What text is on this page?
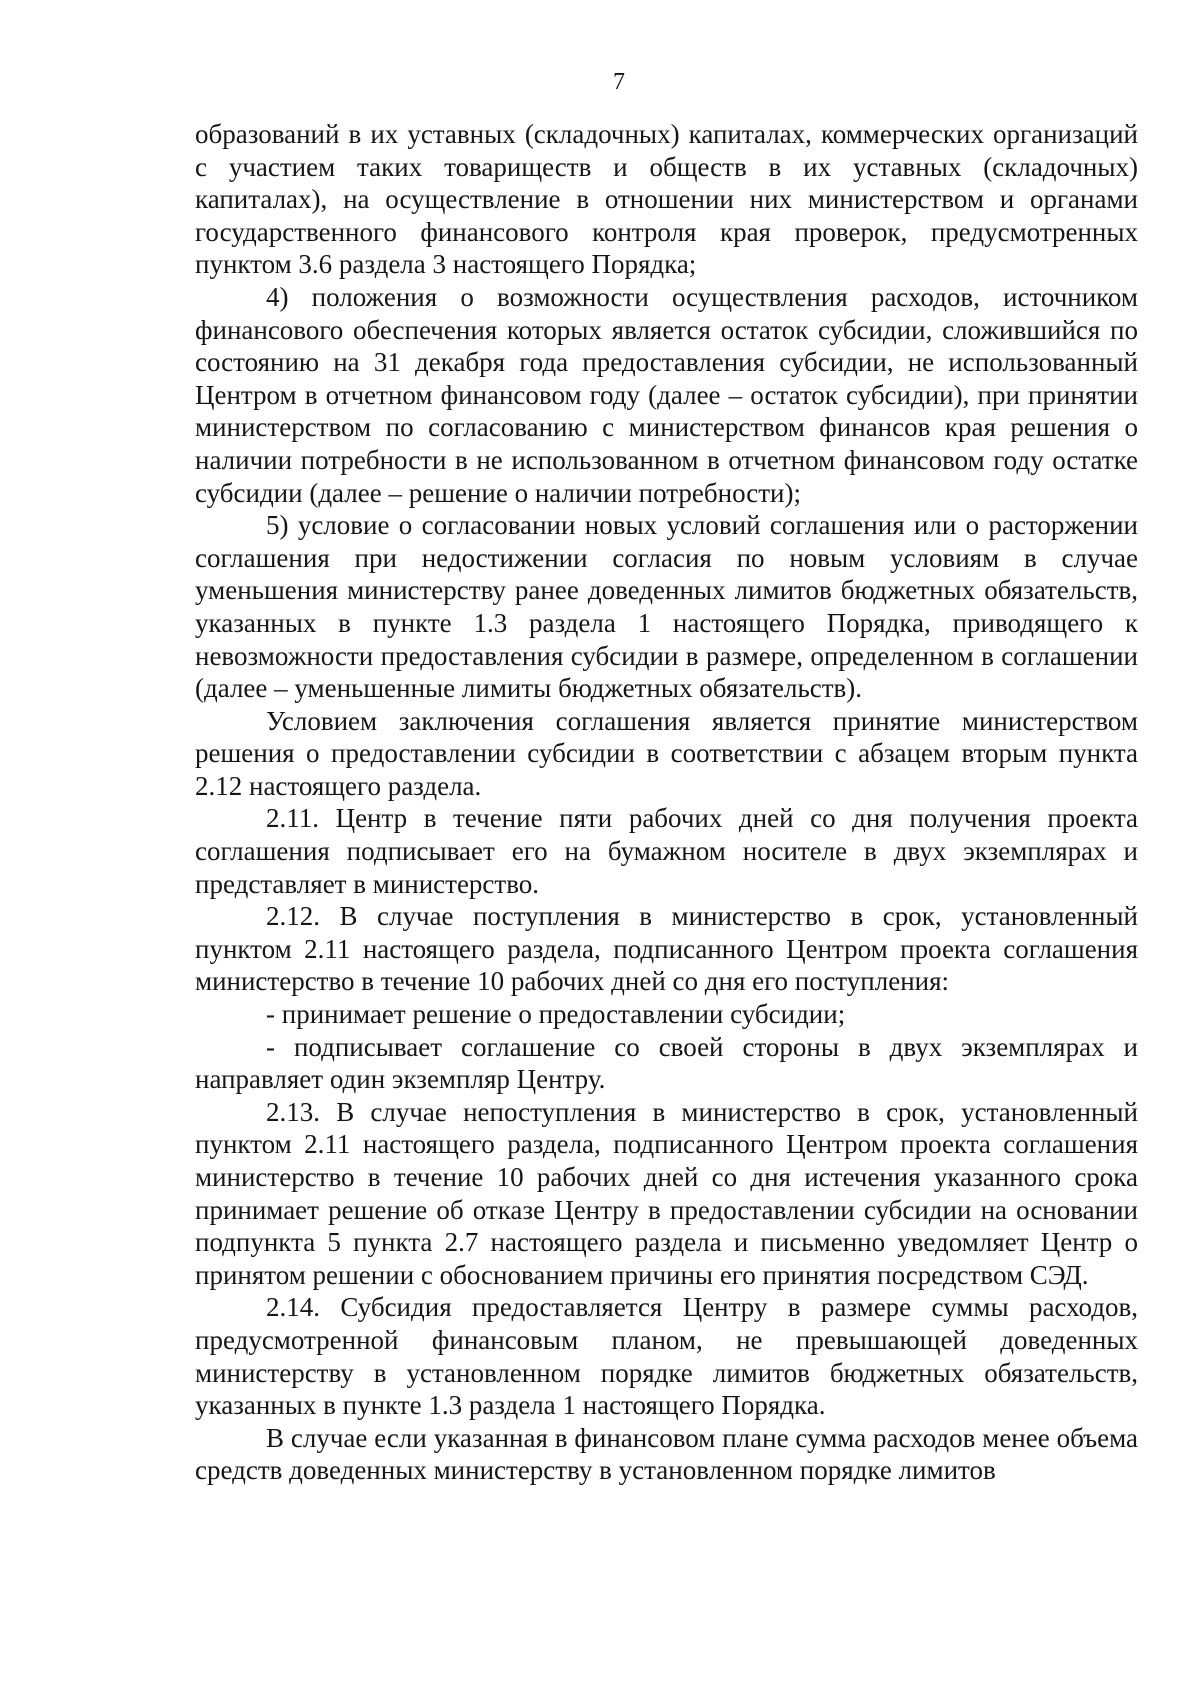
7

образований в их уставных (складочных) капиталах, коммерческих организаций с участием таких товариществ и обществ в их уставных (складочных) капиталах), на осуществление в отношении них министерством и органами государственного финансового контроля края проверок, предусмотренных пунктом 3.6 раздела 3 настоящего Порядка;

4) положения о возможности осуществления расходов, источником финансового обеспечения которых является остаток субсидии, сложившийся по состоянию на 31 декабря года предоставления субсидии, не использованный Центром в отчетном финансовом году (далее – остаток субсидии), при принятии министерством по согласованию с министерством финансов края решения о наличии потребности в не использованном в отчетном финансовом году остатке субсидии (далее – решение о наличии потребности);

5) условие о согласовании новых условий соглашения или о расторжении соглашения при недостижении согласия по новым условиям в случае уменьшения министерству ранее доведенных лимитов бюджетных обязательств, указанных в пункте 1.3 раздела 1 настоящего Порядка, приводящего к невозможности предоставления субсидии в размере, определенном в соглашении (далее – уменьшенные лимиты бюджетных обязательств).

Условием заключения соглашения является принятие министерством решения о предоставлении субсидии в соответствии с абзацем вторым пункта 2.12 настоящего раздела.

2.11. Центр в течение пяти рабочих дней со дня получения проекта соглашения подписывает его на бумажном носителе в двух экземплярах и представляет в министерство.

2.12. В случае поступления в министерство в срок, установленный пунктом 2.11 настоящего раздела, подписанного Центром проекта соглашения министерство в течение 10 рабочих дней со дня его поступления:

- принимает решение о предоставлении субсидии;

- подписывает соглашение со своей стороны в двух экземплярах и направляет один экземпляр Центру.

2.13. В случае непоступления в министерство в срок, установленный пунктом 2.11 настоящего раздела, подписанного Центром проекта соглашения министерство в течение 10 рабочих дней со дня истечения указанного срока принимает решение об отказе Центру в предоставлении субсидии на основании подпункта 5 пункта 2.7 настоящего раздела и письменно уведомляет Центр о принятом решении с обоснованием причины его принятия посредством СЭД.

2.14. Субсидия предоставляется Центру в размере суммы расходов, предусмотренной финансовым планом, не превышающей доведенных министерству в установленном порядке лимитов бюджетных обязательств, указанных в пункте 1.3 раздела 1 настоящего Порядка.

В случае если указанная в финансовом плане сумма расходов менее объема средств доведенных министерству в установленном порядке лимитов
